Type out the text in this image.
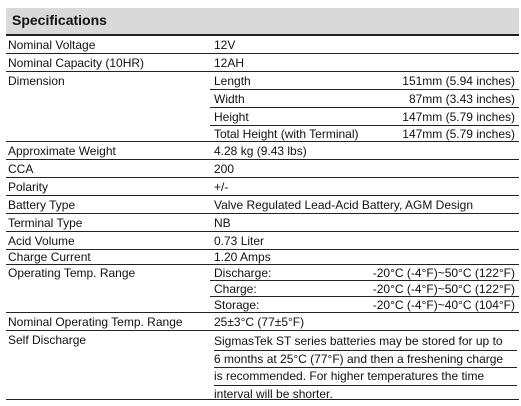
Specifications
Nominal Voltage	12V
Nominal Capacity (10HR)	12AH
Dimension	Length	151mm (5.94 inches)
Width	87mm (3.43 inches)
Height	147mm (5.79 inches)
Total Height (with Terminal)	147mm (5.79 inches)
Approximate Weight	4.28 kg (9.43 lbs)
CCA	200
Polarity	+/-
Battery Type	Valve Regulated Lead-Acid Battery, AGM Design
Terminal Type	NB
Acid Volume	0.73 Liter
Charge Current	1.20 Amps
Operating Temp. Range	Discharge:	-20°C (-4°F)~50°C (122°F)
Charge:	-20°C (-4°F)~50°C (122°F)
Storage:	-20°C (-4°F)~40°C (104°F)
Nominal Operating Temp. Range	25±3°C (77±5°F)
Self Discharge	SigmasTek ST series batteries may be stored for up to
6 months at 25°C (77°F) and then a freshening charge
is recommended. For higher temperatures the time
interval will be shorter.
